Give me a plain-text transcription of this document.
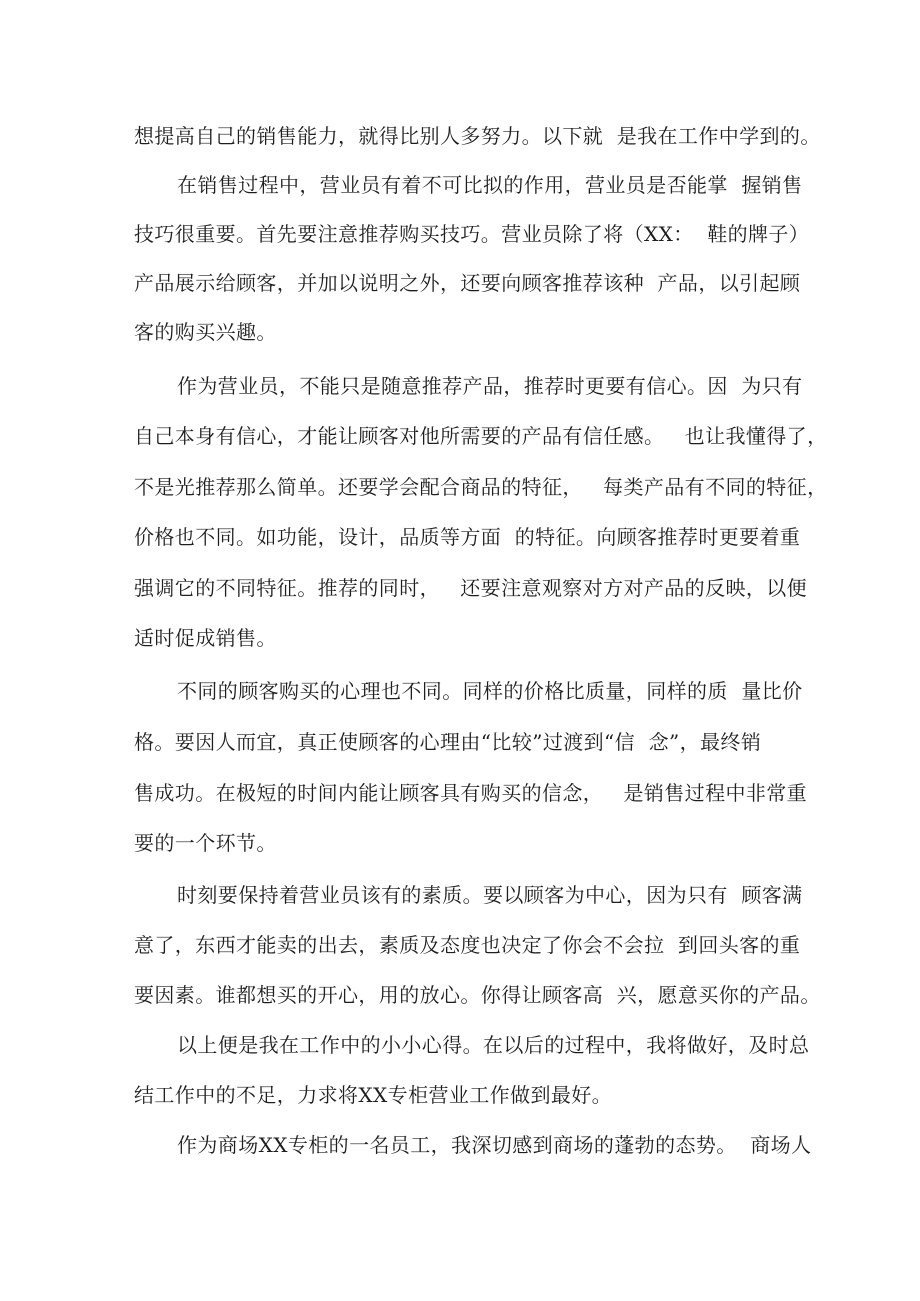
想提高自己的销售能力，就得比别人多努力。以下就  是我在工作中学到的。
在销售过程中，营业员有着不可比拟的作用，营业员是否能掌  握销售
技巧很重要。首先要注意推荐购买技巧。营业员除了将（XX：  鞋的牌子）
产品展示给顾客，并加以说明之外，还要向顾客推荐该种  产品，以引起顾
客的购买兴趣。
作为营业员，不能只是随意推荐产品，推荐时更要有信心。因  为只有
自己本身有信心，才能让顾客对他所需要的产品有信任感。   也让我懂得了，
不是光推荐那么简单。还要学会配合商品的特征，   每类产品有不同的特征，
价格也不同。如功能，设计，品质等方面  的特征。向顾客推荐时更要着重
强调它的不同特征。推荐的同时，   还要注意观察对方对产品的反映，以便
适时促成销售。
不同的顾客购买的心理也不同。同样的价格比质量，同样的质  量比价
格。要因人而宜，真正使顾客的心理由“比较”过渡到“信  念”，最终销
售成功。在极短的时间内能让顾客具有购买的信念，   是销售过程中非常重
要的一个环节。
时刻要保持着营业员该有的素质。要以顾客为中心，因为只有  顾客满
意了，东西才能卖的出去，素质及态度也决定了你会不会拉  到回头客的重
要因素。谁都想买的开心，用的放心。你得让顾客高  兴，愿意买你的产品。
以上便是我在工作中的小小心得。在以后的过程中，我将做好，及时总
结工作中的不足，力求将XX专柜营业工作做到最好。
作为商场XX专柜的一名员工，我深切感到商场的蓬勃的态势。  商场人
